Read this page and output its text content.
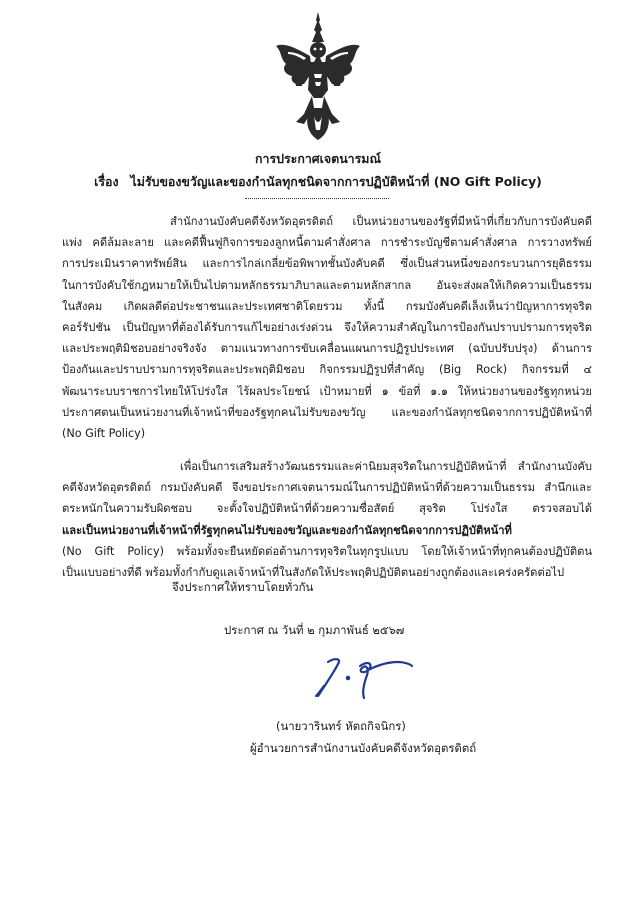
การประกาศเจตนารมณ์
เรื่อง ไม่รับของขวัญและของกำนัลทุกชนิดจากการปฏิบัติหน้าที่ (NO Gift Policy)
สำนักงานบังคับคดีจังหวัดอุตรดิตถ์ เป็นหน่วยงานของรัฐที่มีหน้าที่เกี่ยวกับการบังคับคดี
แพ่ง คดีล้มละลาย และคดีฟื้นฟูกิจการของลูกหนี้ตามคำสั่งศาล การชำระบัญชีตามคำสั่งศาล การวางทรัพย์
การประเมินราคาทรัพย์สิน และการไกล่เกลี่ยข้อพิพาทชั้นบังคับคดี ซึ่งเป็นส่วนหนึ่งของกระบวนการยุติธรรม
ในการบังคับใช้กฎหมายให้เป็นไปตามหลักธรรมาภิบาลและตามหลักสากล อันจะส่งผลให้เกิดความเป็นธรรม
ในสังคม เกิดผลดีต่อประชาชนและประเทศชาติโดยรวม ทั้งนี้ กรมบังคับคดีเล็งเห็นว่าปัญหาการทุจริต
คอร์รัปชัน เป็นปัญหาที่ต้องได้รับการแก้ไขอย่างเร่งด่วน จึงให้ความสำคัญในการป้องกันปราบปรามการทุจริต
และประพฤติมิชอบอย่างจริงจัง ตามแนวทางการขับเคลื่อนแผนการปฏิรูปประเทศ (ฉบับปรับปรุง) ด้านการ
ป้องกันและปราบปรามการทุจริตและประพฤติมิชอบ กิจกรรมปฏิรูปที่สำคัญ (Big Rock) กิจกรรมที่ ๔
พัฒนาระบบราชการไทยให้โปร่งใส ไร้ผลประโยชน์ เป้าหมายที่ ๑ ข้อที่ ๑.๑ ให้หน่วยงานของรัฐทุกหน่วย
ประกาศตนเป็นหน่วยงานที่เจ้าหน้าที่ของรัฐทุกคนไม่รับของขวัญ และของกำนัลทุกชนิดจากการปฏิบัติหน้าที่
(No Gift Policy)
เพื่อเป็นการเสริมสร้างวัฒนธรรมและค่านิยมสุจริตในการปฏิบัติหน้าที่ สำนักงานบังคับ
คดีจังหวัดอุตรดิตถ์ กรมบังคับคดี จึงขอประกาศเจตนารมณ์ในการปฏิบัติหน้าที่ด้วยความเป็นธรรม สำนึกและ
ตระหนักในความรับผิดชอบ จะตั้งใจปฏิบัติหน้าที่ด้วยความซื่อสัตย์ สุจริต โปร่งใส ตรวจสอบได้
และเป็นหน่วยงานที่เจ้าหน้าที่รัฐทุกคนไม่รับของขวัญและของกำนัลทุกชนิดจากการปฏิบัติหน้าที่
(No Gift Policy) พร้อมทั้งจะยืนหยัดต่อต้านการทุจริตในทุกรูปแบบ โดยให้เจ้าหน้าที่ทุกคนต้องปฏิบัติตน
เป็นแบบอย่างที่ดี พร้อมทั้งกำกับดูแลเจ้าหน้าที่ในสังกัดให้ประพฤติปฏิบัติตนอย่างถูกต้องและเคร่งครัดต่อไป
จึงประกาศให้ทราบโดยทั่วกัน
ประกาศ ณ วันที่ ๒ กุมภาพันธ์ ๒๕๖๗
(นายวารินทร์ หัตถกิจนิกร)
ผู้อำนวยการสำนักงานบังคับคดีจังหวัดอุตรดิตถ์
